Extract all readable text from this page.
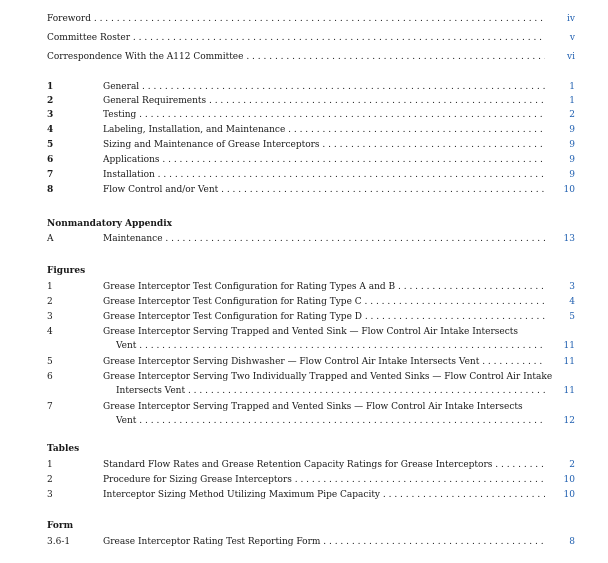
Foreword . . .	iv
Committee Roster . . .	v
Correspondence With the A112 Committee . . .	vi
1	General . . .	1
2	General Requirements . . .	1
3	Testing . . .	2
4	Labeling, Installation, and Maintenance . . .	9
5	Sizing and Maintenance of Grease Interceptors . . .	9
6	Applications . . .	9
7	Installation . . .	9
8	Flow Control and/or Vent . . .	10
Nonmandatory Appendix
A	Maintenance . . .	13
Figures
1	Grease Interceptor Test Configuration for Rating Types A and B . . .	3
2	Grease Interceptor Test Configuration for Rating Type C . . .	4
3	Grease Interceptor Test Configuration for Rating Type D . . .	5
4	Grease Interceptor Serving Trapped and Vented Sink — Flow Control Air Intake Intersects
Vent . . .	11
5	Grease Interceptor Serving Dishwasher — Flow Control Air Intake Intersects Vent . . .	11
6	Grease Interceptor Serving Two Individually Trapped and Vented Sinks — Flow Control Air Intake
Intersects Vent . . .	11
7	Grease Interceptor Serving Trapped and Vented Sinks — Flow Control Air Intake Intersects
Vent . . .	12
Tables
1	Standard Flow Rates and Grease Retention Capacity Ratings for Grease Interceptors . . .	2
2	Procedure for Sizing Grease Interceptors . . .	10
3	Interceptor Sizing Method Utilizing Maximum Pipe Capacity . . .	10
Form
3.6-1	Grease Interceptor Rating Test Reporting Form . . .	8
